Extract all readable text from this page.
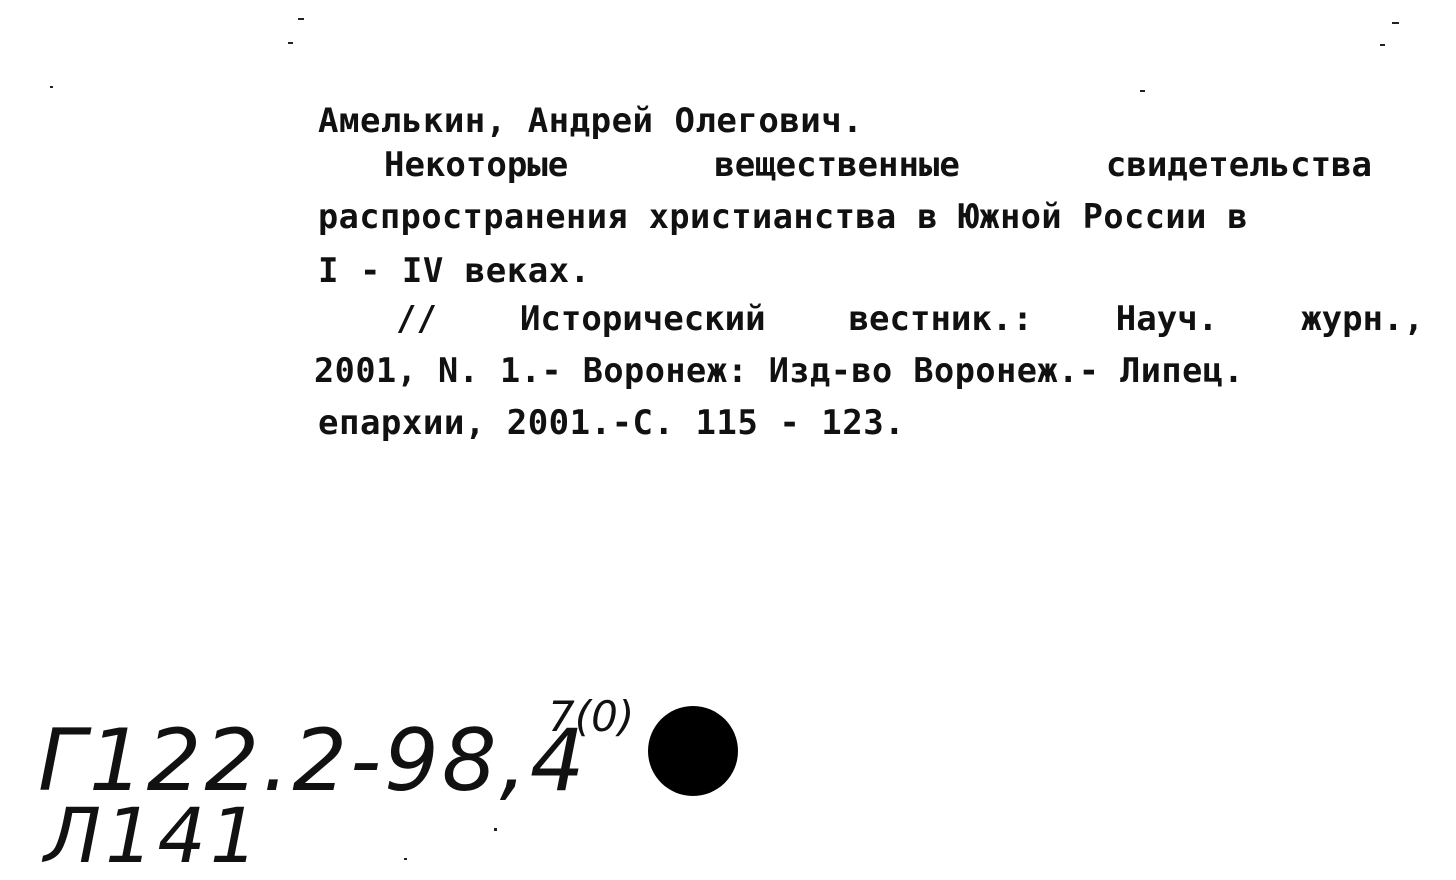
Амелькин, Андрей Олегович.
Некоторые	вещественные	свидетельства
распространения христианства в Южной России в
I - IV веках.
// Исторический вестник.: Науч. журн.,
2001, N. 1.- Воронеж: Изд-во Воронеж.- Липец.
епархии, 2001.-С. 115 - 123.
Г122.2-98,4
7(0)
Л141
